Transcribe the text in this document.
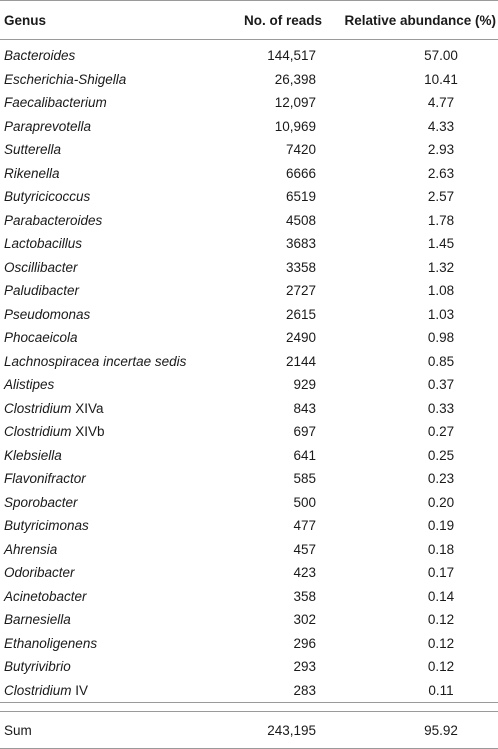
Genus	No. of reads	Relative abundance (%)
Bacteroides	144,517	57.00
Escherichia-Shigella	26,398	10.41
Faecalibacterium	12,097	4.77
Paraprevotella	10,969	4.33
Sutterella	7420	2.93
Rikenella	6666	2.63
Butyricicoccus	6519	2.57
Parabacteroides	4508	1.78
Lactobacillus	3683	1.45
Oscillibacter	3358	1.32
Paludibacter	2727	1.08
Pseudomonas	2615	1.03
Phocaeicola	2490	0.98
Lachnospiracea incertae sedis	2144	0.85
Alistipes	929	0.37
Clostridium XIVa	843	0.33
Clostridium XIVb	697	0.27
Klebsiella	641	0.25
Flavonifractor	585	0.23
Sporobacter	500	0.20
Butyricimonas	477	0.19
Ahrensia	457	0.18
Odoribacter	423	0.17
Acinetobacter	358	0.14
Barnesiella	302	0.12
Ethanoligenens	296	0.12
Butyrivibrio	293	0.12
Clostridium IV	283	0.11

Sum	243,195	95.92
